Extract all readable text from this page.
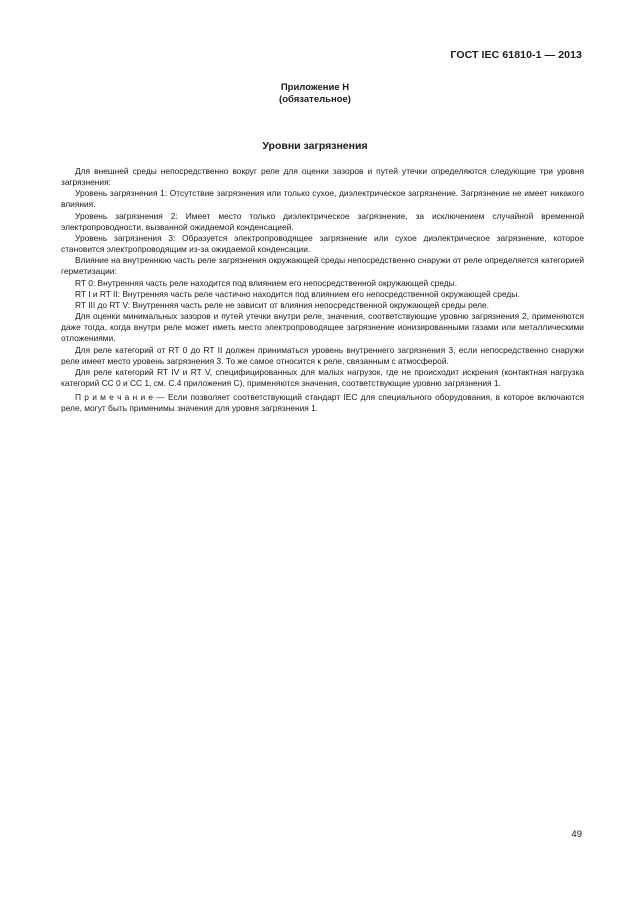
ГОСТ IEC 61810-1 — 2013
Приложение Н
(обязательное)
Уровни загрязнения

Для внешней среды непосредственно вокруг реле для оценки зазоров и путей утечки определяются следующие три уровня загрязнения:

Уровень загрязнения 1: Отсутствие загрязнения или только сухое, диэлектрическое загрязнение. Загрязнение не имеет никакого влияния.

Уровень загрязнения 2: Имеет место только диэлектрическое загрязнение, за исключением случайной временной электропроводности, вызванной ожидаемой конденсацией.

Уровень загрязнения 3: Образуется электропроводящее загрязнение или сухое диэлектрическое загрязнение, которое становится электропроводящим из-за ожидаемой конденсации.

Влияние на внутреннюю часть реле загрязнения окружающей среды непосредственно снаружи от реле определяется категорией герметизации:

RT 0: Внутренняя часть реле находится под влиянием его непосредственной окружающей среды.

RT I и RT II: Внутренняя часть реле частично находится под влиянием его непосредственной окружающей среды.

RT III до RT V: Внутренняя часть реле не зависит от влияния непосредственной окружающей среды реле.

Для оценки минимальных зазоров и путей утечки внутри реле, значения, соответствующие уровню загрязнения 2, применяются даже тогда, когда внутри реле может иметь место электропроводящее загрязнение ионизированными газами или металлическими отложениями.

Для реле категорий от RT 0 до RT II должен приниматься уровень внутреннего загрязнения 3, если непосредственно снаружи реле имеет место уровень загрязнения 3. То же самое относится к реле, связанным с атмосферой.

Для реле категорий RT IV и RT V, специфицированных для малых нагрузок, где не происходит искрения (контактная нагрузка категорий СС 0 и СС 1, см. С.4 приложения С), применяются значения, соответствующие уровню загрязнения 1.

П р и м е ч а н и е — Если позволяет соответствующий стандарт IEC для специального оборудования, в которое включаются реле, могут быть применимы значения для уровня загрязнения 1.

49
